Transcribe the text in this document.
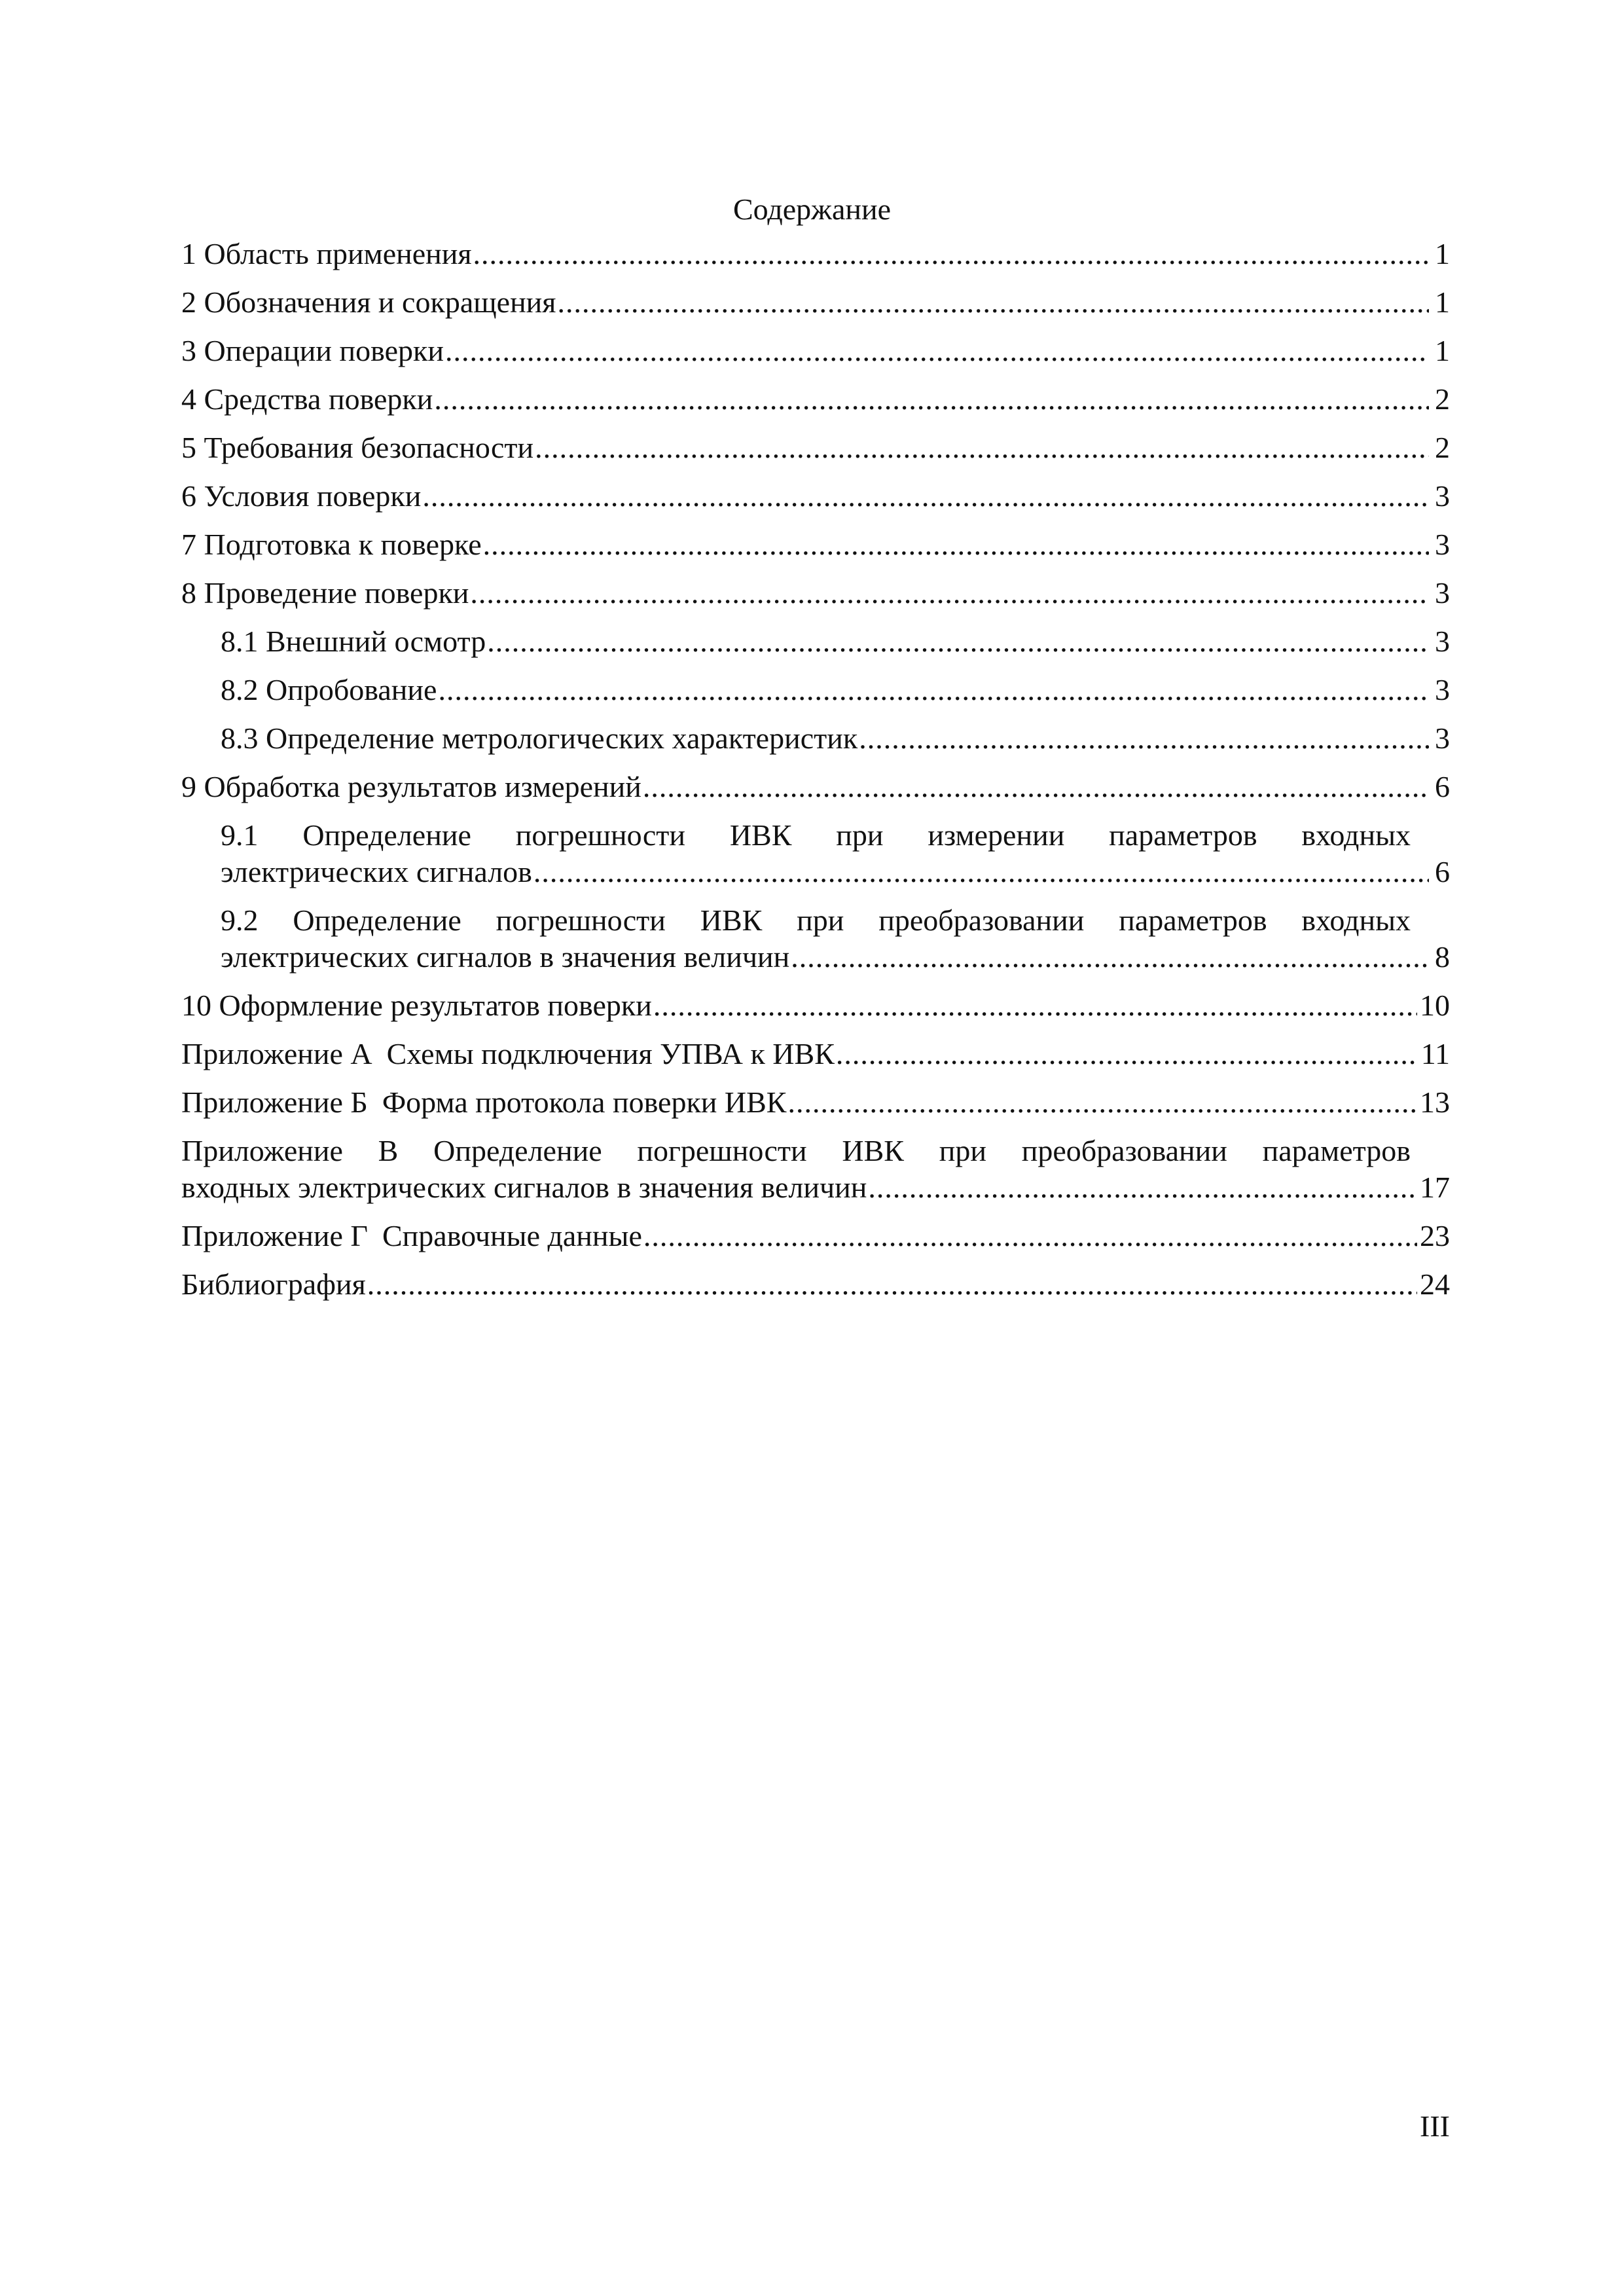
Содержание
1 Область применения .....	1
2 Обозначения и сокращения .....	1
3 Операции поверки .....	1
4 Средства поверки .....	2
5 Требования безопасности .....	2
6 Условия поверки .....	3
7 Подготовка к поверке .....	3
8 Проведение поверки .....	3
8.1 Внешний осмотр .....	3
8.2 Опробование .....	3
8.3 Определение метрологических характеристик .....	3
9 Обработка результатов измерений .....	6
9.1 Определение погрешности ИВК при измерении параметров входных
электрических сигналов .....	6
9.2 Определение погрешности ИВК при преобразовании параметров входных
электрических сигналов в значения величин .....	8
10 Оформление результатов поверки .....	10
Приложение А Схемы подключения УПВА к ИВК .....	11
Приложение Б Форма протокола поверки ИВК .....	13
Приложение В Определение погрешности ИВК при преобразовании параметров
входных электрических сигналов в значения величин .....	17
Приложение Г Справочные данные .....	23
Библиография .....	24
III
